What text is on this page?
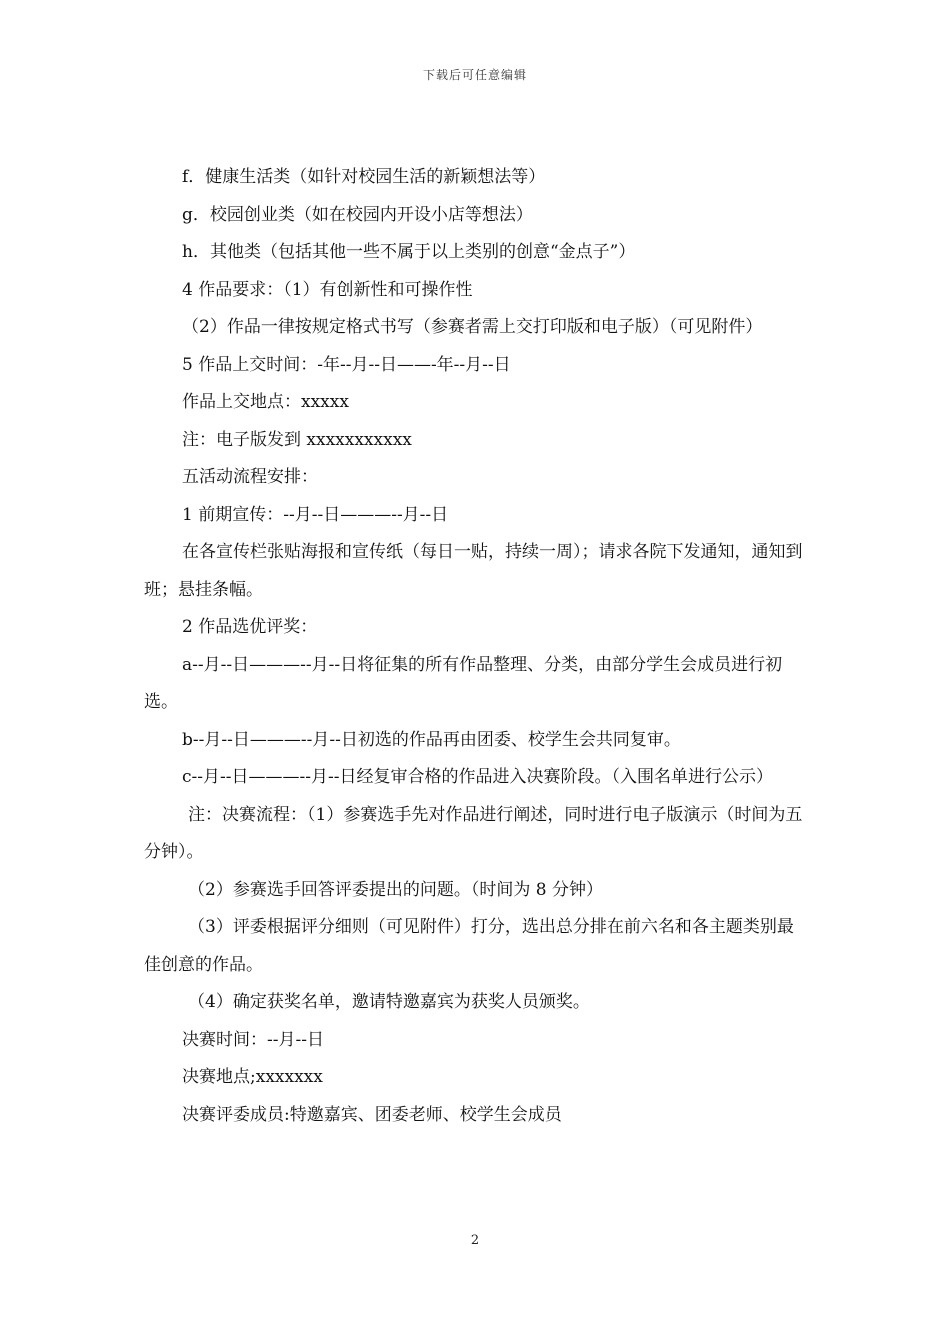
下载后可任意编辑

f．健康生活类（如针对校园生活的新颖想法等）

g．校园创业类（如在校园内开设小店等想法）

h．其他类（包括其他一些不属于以上类别的创意“金点子”）

4 作品要求：（1）有创新性和可操作性

（2）作品一律按规定格式书写（参赛者需上交打印版和电子版）（可见附件）

5 作品上交时间：-年--月--日——-年--月--日

作品上交地点：xxxxx

注：电子版发到 xxxxxxxxxxx

五活动流程安排：

1 前期宣传：--月--日———--月--日

在各宣传栏张贴海报和宣传纸（每日一贴，持续一周）；请求各院下发通知，通知到班；悬挂条幅。

2 作品选优评奖：

a--月--日———--月--日将征集的所有作品整理、分类，由部分学生会成员进行初选。

b--月--日———--月--日初选的作品再由团委、校学生会共同复审。

c--月--日———--月--日经复审合格的作品进入决赛阶段。（入围名单进行公示）

注：决赛流程：（1）参赛选手先对作品进行阐述，同时进行电子版演示（时间为五分钟）。

（2）参赛选手回答评委提出的问题。（时间为 8 分钟）

（3）评委根据评分细则（可见附件）打分，选出总分排在前六名和各主题类别最佳创意的作品。

（4）确定获奖名单，邀请特邀嘉宾为获奖人员颁奖。

决赛时间：--月--日

决赛地点;xxxxxxx

决赛评委成员:特邀嘉宾、团委老师、校学生会成员

2
